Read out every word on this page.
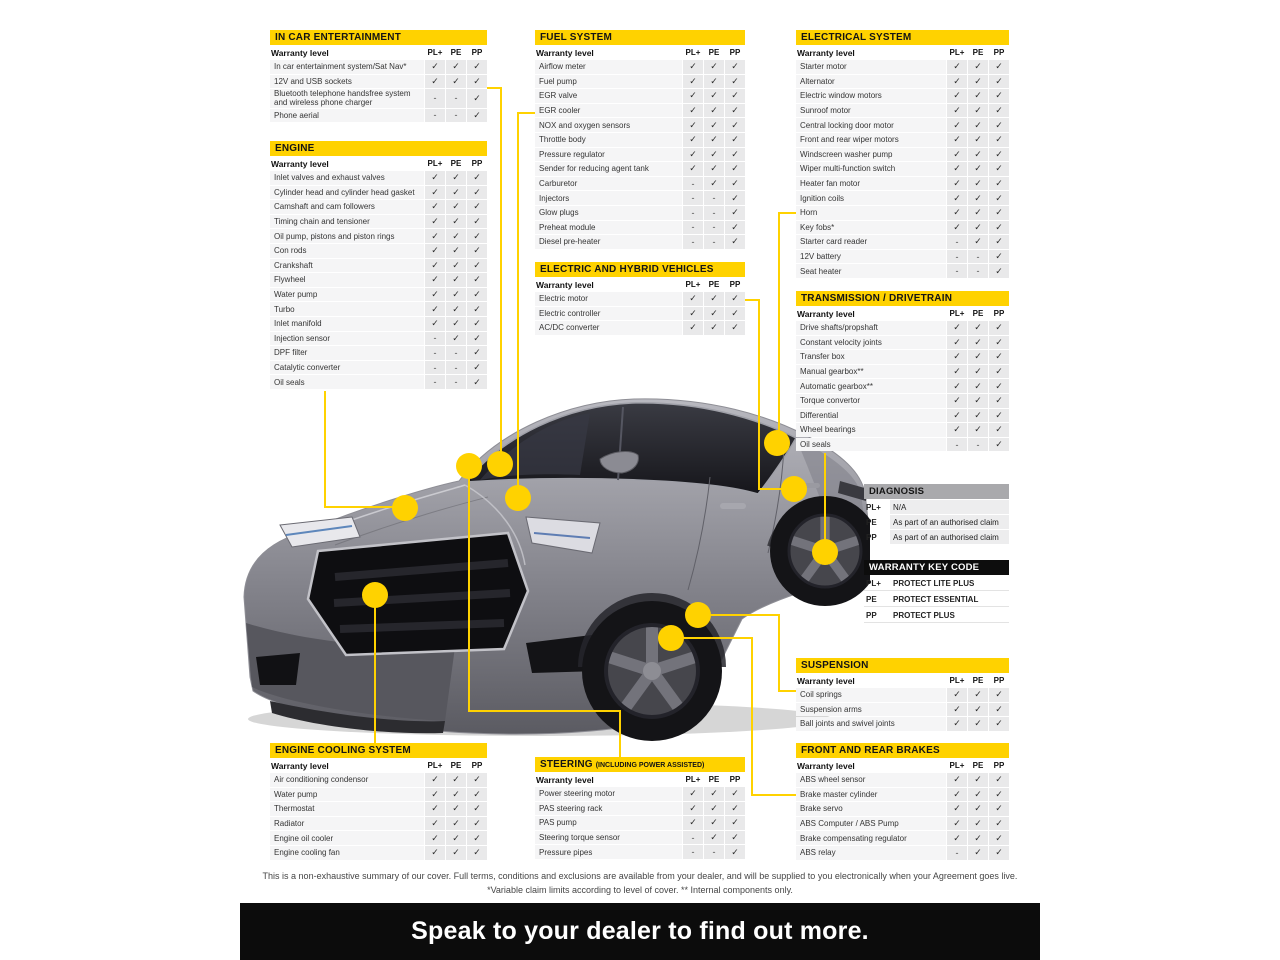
IN CAR ENTERTAINMENT
Warranty level	PL+	PE	PP
In car entertainment system/Sat Nav*	✓	✓	✓
12V and USB sockets	✓	✓	✓
Bluetooth telephone handsfree system and wireless phone charger	-	-	✓
Phone aerial	-	-	✓
ENGINE
Warranty level	PL+	PE	PP
Inlet valves and exhaust valves	✓	✓	✓
Cylinder head and cylinder head gasket	✓	✓	✓
Camshaft and cam followers	✓	✓	✓
Timing chain and tensioner	✓	✓	✓
Oil pump, pistons and piston rings	✓	✓	✓
Con rods	✓	✓	✓
Crankshaft	✓	✓	✓
Flywheel	✓	✓	✓
Water pump	✓	✓	✓
Turbo	✓	✓	✓
Inlet manifold	✓	✓	✓
Injection sensor	-	✓	✓
DPF filter	-	-	✓
Catalytic converter	-	-	✓
Oil seals	-	-	✓
ENGINE COOLING SYSTEM
Warranty level	PL+	PE	PP
Air conditioning condensor	✓	✓	✓
Water pump	✓	✓	✓
Thermostat	✓	✓	✓
Radiator	✓	✓	✓
Engine oil cooler	✓	✓	✓
Engine cooling fan	✓	✓	✓
FUEL SYSTEM
Warranty level	PL+	PE	PP
Airflow meter	✓	✓	✓
Fuel pump	✓	✓	✓
EGR valve	✓	✓	✓
EGR cooler	✓	✓	✓
NOX and oxygen sensors	✓	✓	✓
Throttle body	✓	✓	✓
Pressure regulator	✓	✓	✓
Sender for reducing agent tank	✓	✓	✓
Carburetor	-	✓	✓
Injectors	-	-	✓
Glow plugs	-	-	✓
Preheat module	-	-	✓
Diesel pre-heater	-	-	✓
ELECTRIC AND HYBRID VEHICLES
Warranty level	PL+	PE	PP
Electric motor	✓	✓	✓
Electric controller	✓	✓	✓
AC/DC converter	✓	✓	✓
STEERING (INCLUDING POWER ASSISTED)
Warranty level	PL+	PE	PP
Power steering motor	✓	✓	✓
PAS steering rack	✓	✓	✓
PAS pump	✓	✓	✓
Steering torque sensor	-	✓	✓
Pressure pipes	-	-	✓
ELECTRICAL SYSTEM
Warranty level	PL+	PE	PP
Starter motor	✓	✓	✓
Alternator	✓	✓	✓
Electric window motors	✓	✓	✓
Sunroof motor	✓	✓	✓
Central locking door motor	✓	✓	✓
Front and rear wiper motors	✓	✓	✓
Windscreen washer pump	✓	✓	✓
Wiper multi-function switch	✓	✓	✓
Heater fan motor	✓	✓	✓
Ignition coils	✓	✓	✓
Horn	✓	✓	✓
Key fobs*	✓	✓	✓
Starter card reader	-	✓	✓
12V battery	-	-	✓
Seat heater	-	-	✓
TRANSMISSION / DRIVETRAIN
Warranty level	PL+	PE	PP
Drive shafts/propshaft	✓	✓	✓
Constant velocity joints	✓	✓	✓
Transfer box	✓	✓	✓
Manual gearbox**	✓	✓	✓
Automatic gearbox**	✓	✓	✓
Torque convertor	✓	✓	✓
Differential	✓	✓	✓
Wheel bearings	✓	✓	✓
Oil seals	-	-	✓
DIAGNOSIS
PL+	N/A
PE	As part of an authorised claim
PP	As part of an authorised claim
WARRANTY KEY CODE
PL+	PROTECT LITE PLUS
PE	PROTECT ESSENTIAL
PP	PROTECT PLUS
SUSPENSION
Warranty level	PL+	PE	PP
Coil springs	✓	✓	✓
Suspension arms	✓	✓	✓
Ball joints and swivel joints	✓	✓	✓
FRONT AND REAR BRAKES
Warranty level	PL+	PE	PP
ABS wheel sensor	✓	✓	✓
Brake master cylinder	✓	✓	✓
Brake servo	✓	✓	✓
ABS Computer / ABS Pump	✓	✓	✓
Brake compensating regulator	✓	✓	✓
ABS relay	-	✓	✓
This is a non-exhaustive summary of our cover. Full terms, conditions and exclusions are available from your dealer, and will be supplied to you electronically when your Agreement goes live.
*Variable claim limits according to level of cover. ** Internal components only.
Speak to your dealer to find out more.
